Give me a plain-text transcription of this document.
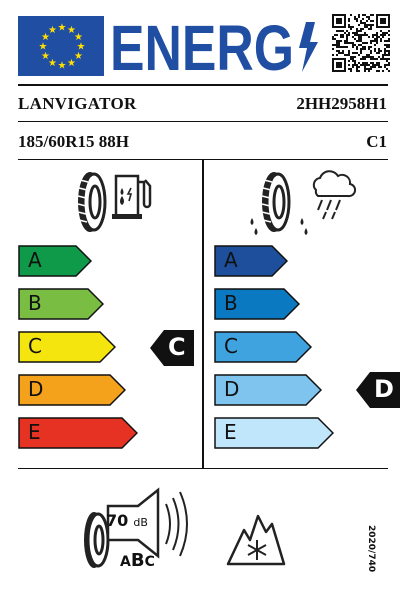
★
★
★
★
★
★
★
★
★ ★ ★
★ ENERG
LANVIGATOR	2HH2958H1
185/60R15 88H	C1
A
B
C
D
E
A
B
C
D
E
C
D
70 dB
ABC	2020/740
